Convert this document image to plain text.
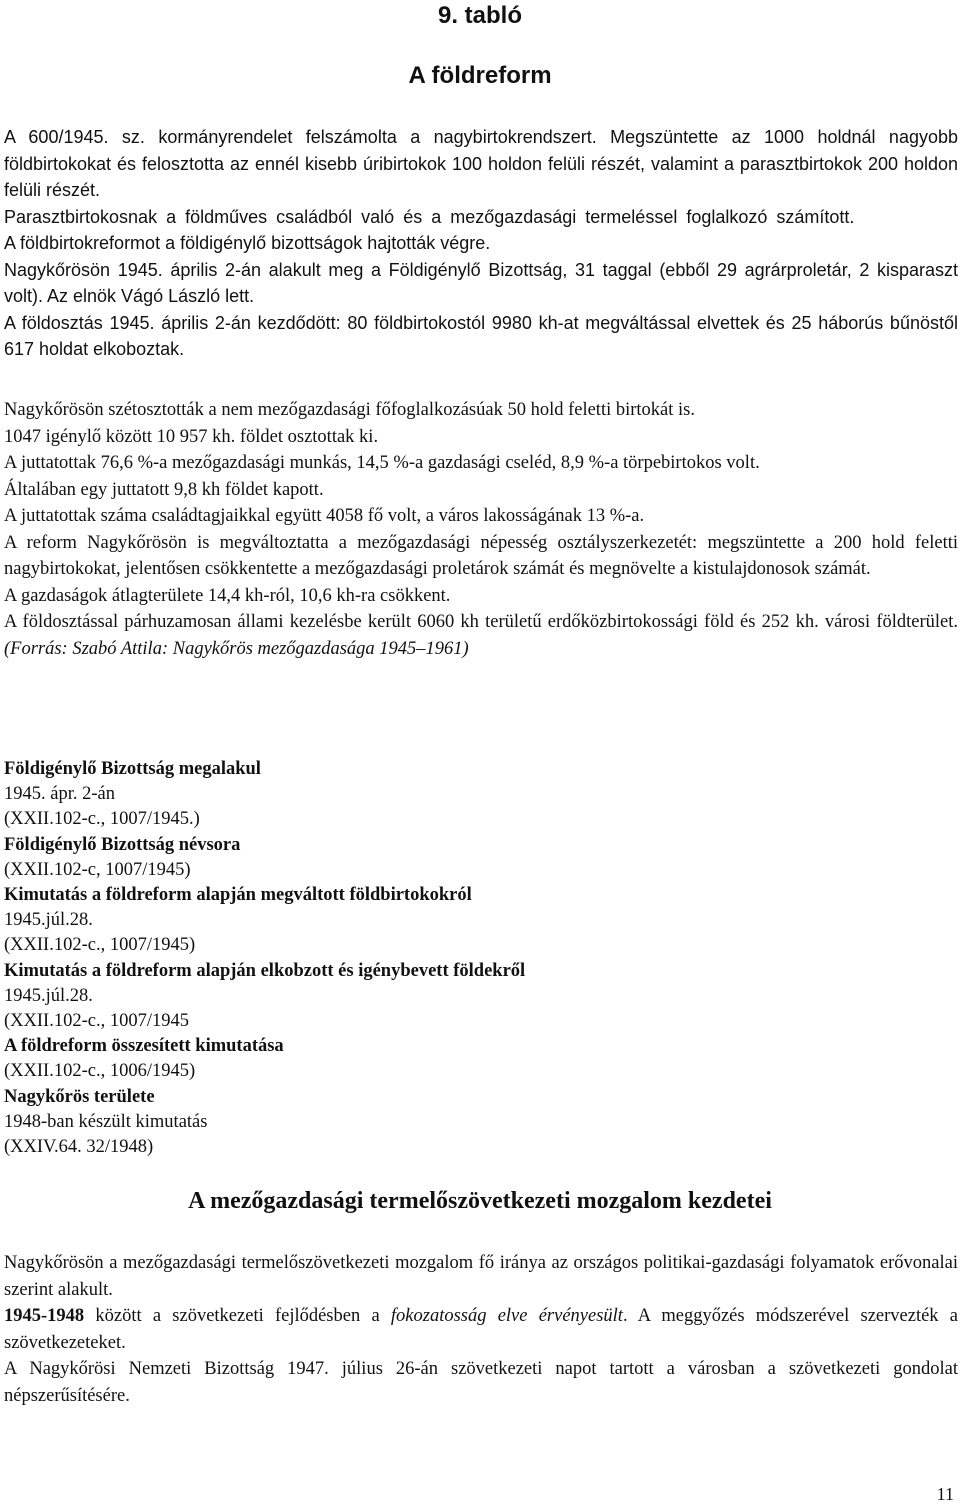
9. tabló
A földreform

A 600/1945. sz. kormányrendelet felszámolta a nagybirtokrendszert. Megszüntette az 1000 holdnál nagyobb földbirtokokat és felosztotta az ennél kisebb úribirtokok 100 holdon felüli részét, valamint a parasztbirtokok 200 holdon felüli részét.

Parasztbirtokosnak a földműves családból való és a mezőgazdasági termeléssel foglalkozó számított.

A földbirtokreformot a földigénylő bizottságok hajtották végre.

Nagykőrösön 1945. április 2-án alakult meg a Földigénylő Bizottság, 31 taggal (ebből 29 agrárproletár, 2 kisparaszt volt). Az elnök Vágó László lett.

A földosztás 1945. április 2-án kezdődött: 80 földbirtokostól 9980 kh-at megváltással elvettek és 25 háborús bűnöstől 617 holdat elkoboztak.

Nagykőrösön szétosztották a nem mezőgazdasági főfoglalkozásúak 50 hold feletti birtokát is.

1047 igénylő között 10 957 kh. földet osztottak ki.

A juttatottak 76,6 %-a mezőgazdasági munkás, 14,5 %-a gazdasági cseléd, 8,9 %-a törpebirtokos volt.

Általában egy juttatott 9,8 kh földet kapott.

A juttatottak száma családtagjaikkal együtt 4058 fő volt, a város lakosságának 13 %-a.

A reform Nagykőrösön is megváltoztatta a mezőgazdasági népesség osztályszerkezetét: megszüntette a 200 hold feletti nagybirtokokat, jelentősen csökkentette a mezőgazdasági proletárok számát és megnövelte a kistulajdonosok számát.

A gazdaságok átlagterülete 14,4 kh-ról, 10,6 kh-ra csökkent.

A földosztással párhuzamosan állami kezelésbe került 6060 kh területű erdőközbirtokossági föld és 252 kh. városi földterület. (Forrás: Szabó Attila: Nagykőrös mezőgazdasága 1945–1961)

Földigénylő Bizottság megalakul
1945. ápr. 2-án
(XXII.102-c., 1007/1945.)
Földigénylő Bizottság névsora
(XXII.102-c, 1007/1945)
Kimutatás a földreform alapján megváltott földbirtokokról
1945.júl.28.
(XXII.102-c., 1007/1945)
Kimutatás a földreform alapján elkobzott és igénybevett földekről
1945.júl.28.
(XXII.102-c., 1007/1945
A földreform összesített kimutatása
(XXII.102-c., 1006/1945)
Nagykőrös területe
1948-ban készült kimutatás
(XXIV.64. 32/1948)
A mezőgazdasági termelőszövetkezeti mozgalom kezdetei

Nagykőrösön a mezőgazdasági termelőszövetkezeti mozgalom fő iránya az országos politikai-gazdasági folyamatok erővonalai szerint alakult.

1945-1948 között a szövetkezeti fejlődésben a fokozatosság elve érvényesült. A meggyőzés módszerével szervezték a szövetkezeteket.

A Nagykőrösi Nemzeti Bizottság 1947. július 26-án szövetkezeti napot tartott a városban a szövetkezeti gondolat népszerűsítésére.

11
